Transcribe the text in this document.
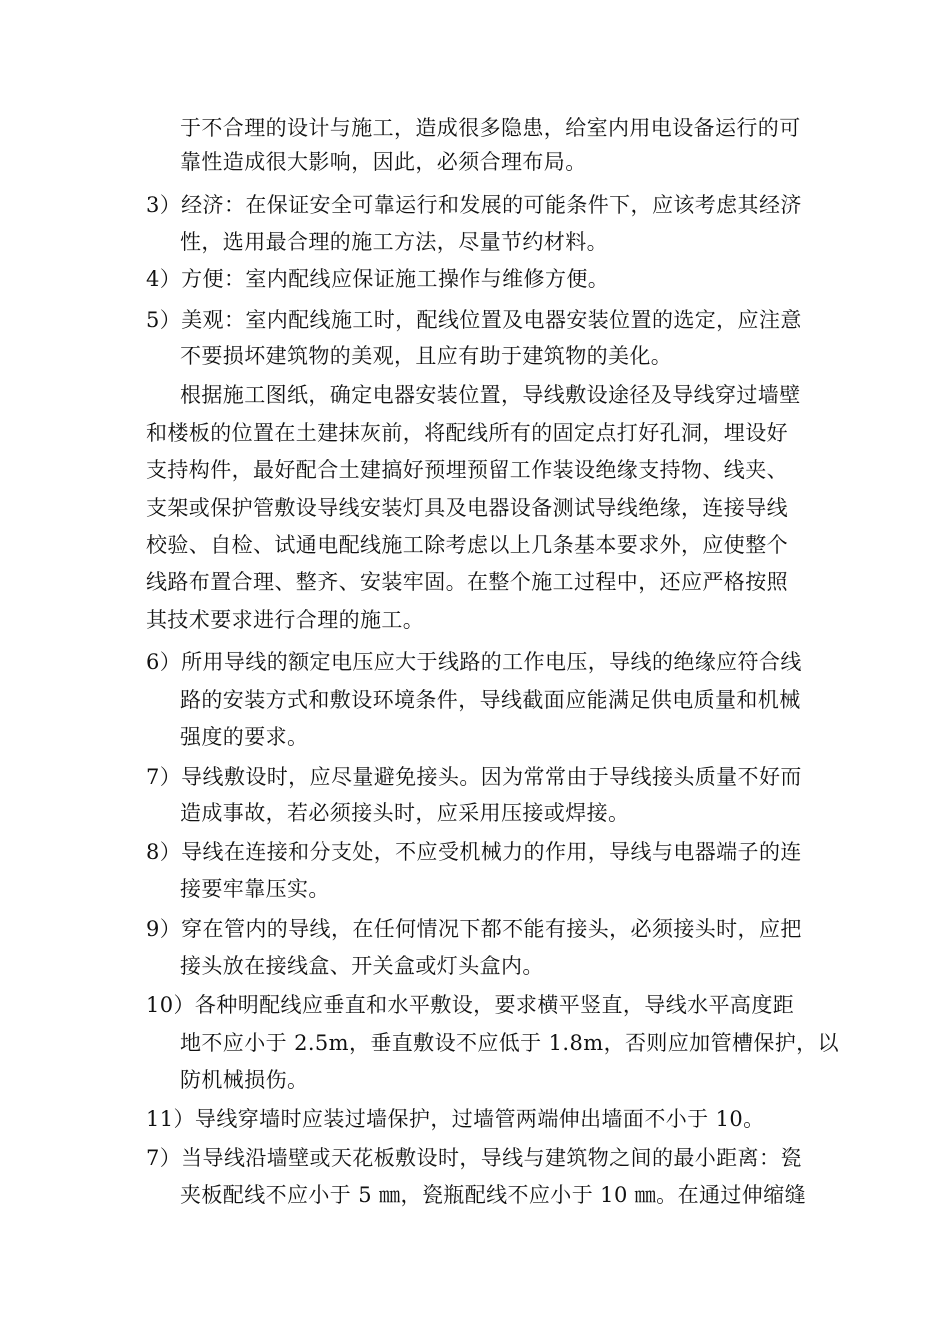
于不合理的设计与施工，造成很多隐患，给室内用电设备运行的可
靠性造成很大影响，因此，必须合理布局。
3）经济：在保证安全可靠运行和发展的可能条件下，应该考虑其经济
性，选用最合理的施工方法，尽量节约材料。
4）方便：室内配线应保证施工操作与维修方便。
5）美观：室内配线施工时，配线位置及电器安装位置的选定，应注意
不要损坏建筑物的美观，且应有助于建筑物的美化。
根据施工图纸，确定电器安装位置，导线敷设途径及导线穿过墙壁
和楼板的位置在土建抹灰前，将配线所有的固定点打好孔洞，埋设好
支持构件，最好配合土建搞好预埋预留工作装设绝缘支持物、线夹、
支架或保护管敷设导线安装灯具及电器设备测试导线绝缘，连接导线
校验、自检、试通电配线施工除考虑以上几条基本要求外，应使整个
线路布置合理、整齐、安装牢固。在整个施工过程中，还应严格按照
其技术要求进行合理的施工。
6）所用导线的额定电压应大于线路的工作电压，导线的绝缘应符合线
路的安装方式和敷设环境条件，导线截面应能满足供电质量和机械
强度的要求。
7）导线敷设时，应尽量避免接头。因为常常由于导线接头质量不好而
造成事故，若必须接头时，应采用压接或焊接。
8）导线在连接和分支处，不应受机械力的作用，导线与电器端子的连
接要牢靠压实。
9）穿在管内的导线，在任何情况下都不能有接头，必须接头时，应把
接头放在接线盒、开关盒或灯头盒内。
10）各种明配线应垂直和水平敷设，要求横平竖直，导线水平高度距
地不应小于 2.5m，垂直敷设不应低于 1.8m，否则应加管槽保护，以
防机械损伤。
11）导线穿墙时应装过墙保护，过墙管两端伸出墙面不小于 10。
7）当导线沿墙壁或天花板敷设时，导线与建筑物之间的最小距离：瓷
夹板配线不应小于 5 ㎜，瓷瓶配线不应小于 10 ㎜。在通过伸缩缝
